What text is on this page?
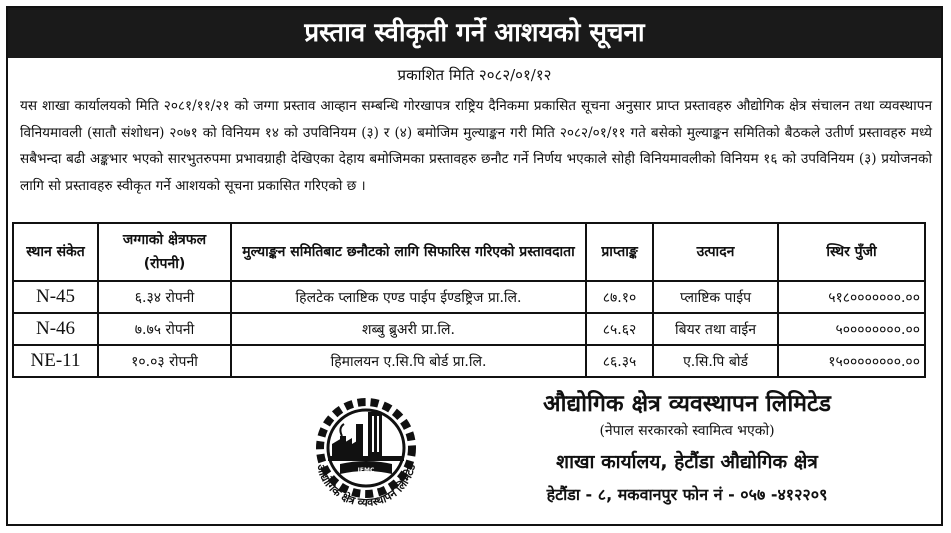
प्रस्ताव स्वीकृती गर्ने आशयको सूचना
प्रकाशित मिति २०८२/०१/१२
यस शाखा कार्यालयको मिति २०८१/११/२१ को जग्गा प्रस्ताव आव्हान सम्बन्धि गोरखापत्र राष्ट्रिय दैनिकमा प्रकासित सूचना अनुसार प्राप्त प्रस्तावहरु औद्योगिक क्षेत्र संचालन तथा व्यवस्थापन विनियमावली (सातौ संशोधन) २०७१ को विनियम १४ को उपविनियम (३) र (४) बमोजिम मुल्याङ्कन गरी मिति २०८२/०१/११ गते बसेको मुल्याङ्कन समितिको बैठकले उतीर्ण प्रस्तावहरु मध्ये सबैभन्दा बढी अङ्कभार भएको सारभुतरुपमा प्रभावग्राही देखिएका देहाय बमोजिमका प्रस्तावहरु छनौट गर्ने निर्णय भएकाले सोही विनियमावलीको विनियम १६ को उपविनियम (३) प्रयोजनको लागि सो प्रस्तावहरु स्वीकृत गर्ने आशयको सूचना प्रकासित गरिएको छ ।
स्थान संकेत	जग्गाको क्षेत्रफल (रोपनी)	मुल्याङ्कन समितिबाट छनौटको लागि सिफारिस गरिएको प्रस्तावदाता	प्राप्ताङ्क	उत्पादन	स्थिर पुँजी
N-45	६.३४ रोपनी	हिलटेक प्लाष्टिक एण्ड पाईप ईण्डष्ट्रिज प्रा.लि.	८७.१०	प्लाष्टिक पाईप	५१८०००००००.००
N-46	७.७५ रोपनी	शब्बु ब्रुअरी प्रा.लि.	८५.६२	बियर तथा वाईन	५००००००००.००
NE-11	१०.०३ रोपनी	हिमालयन ए.सि.पि बोर्ड प्रा.लि.	८६.३५	ए.सि.पि बोर्ड	१५००००००००.००
IEMC
औद्योगिक क्षेत्र व्यवस्थापन लिमिटेड
औद्योगिक क्षेत्र व्यवस्थापन लिमिटेड
(नेपाल सरकारको स्वामित्व भएको)
शाखा कार्यालय, हेटौंडा औद्योगिक क्षेत्र
हेटौंडा - ८, मकवानपुर फोन नं - ०५७ -४१२२०९
